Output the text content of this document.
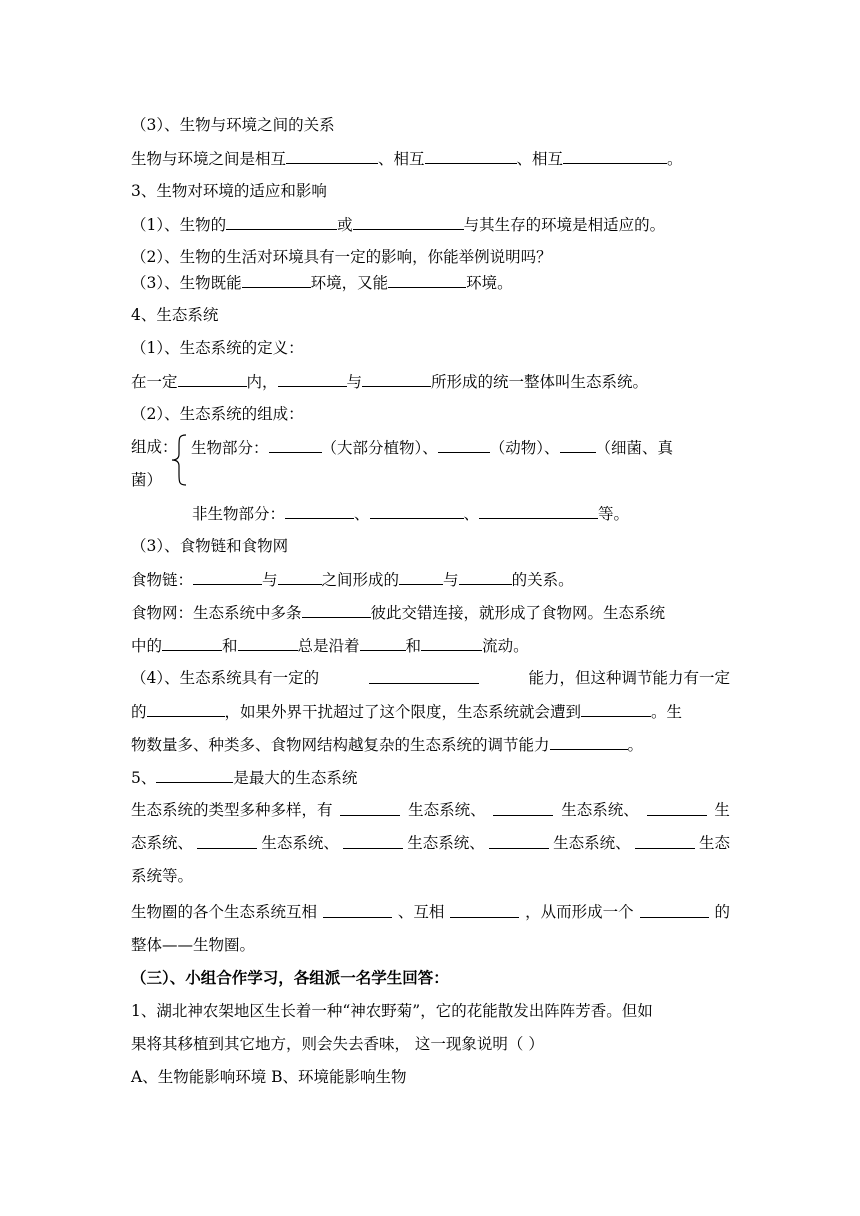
（3）、生物与环境之间的关系
生物与环境之间是相互	、相互	、相互	。
3、生物对环境的适应和影响
（1）、生物的	或	与其生存的环境是相适应的。
（2）、生物的生活对环境具有一定的影响，你能举例说明吗？
（3）、生物既能	环境，又能	环境。
4、生态系统
（1）、生态系统的定义：
在一定	内，	与	所形成的统一整体叫生态系统。
（2）、生态系统的组成：
组成： 生物部分：	（大部分植物）、	（动物）、 （细菌、真
菌）
非生物部分：	、	、	等。
（3）、食物链和食物网
食物链：	与	之间形成的	与	的关系。
食物网：生态系统中多条	彼此交错连接，就形成了食物网。生态系统
中的	和	总是沿着	和	流动。
（4）、生态系统具有一定的	能力，但这种调节能力有一定
的	，如果外界干扰超过了这个限度，生态系统就会遭到	。生
物数量多、种类多、食物网结构越复杂的生态系统的调节能力	。
5、	是最大的生态系统
生态系统的类型多种多样，有	生态系统、	生态系统、	生
态系统、	生态系统、	生态系统、	生态系统、	生态
系统等。
生物圈的各个生态系统互相	、互相	，从而形成一个	的
整体——生物圈。
（三）、小组合作学习，各组派一名学生回答：
1、湖北神农架地区生长着一种“神农野菊”，它的花能散发出阵阵芳香。但如
果将其移植到其它地方，则会失去香味， 这一现象说明（ ）
A、生物能影响环境 B、环境能影响生物
